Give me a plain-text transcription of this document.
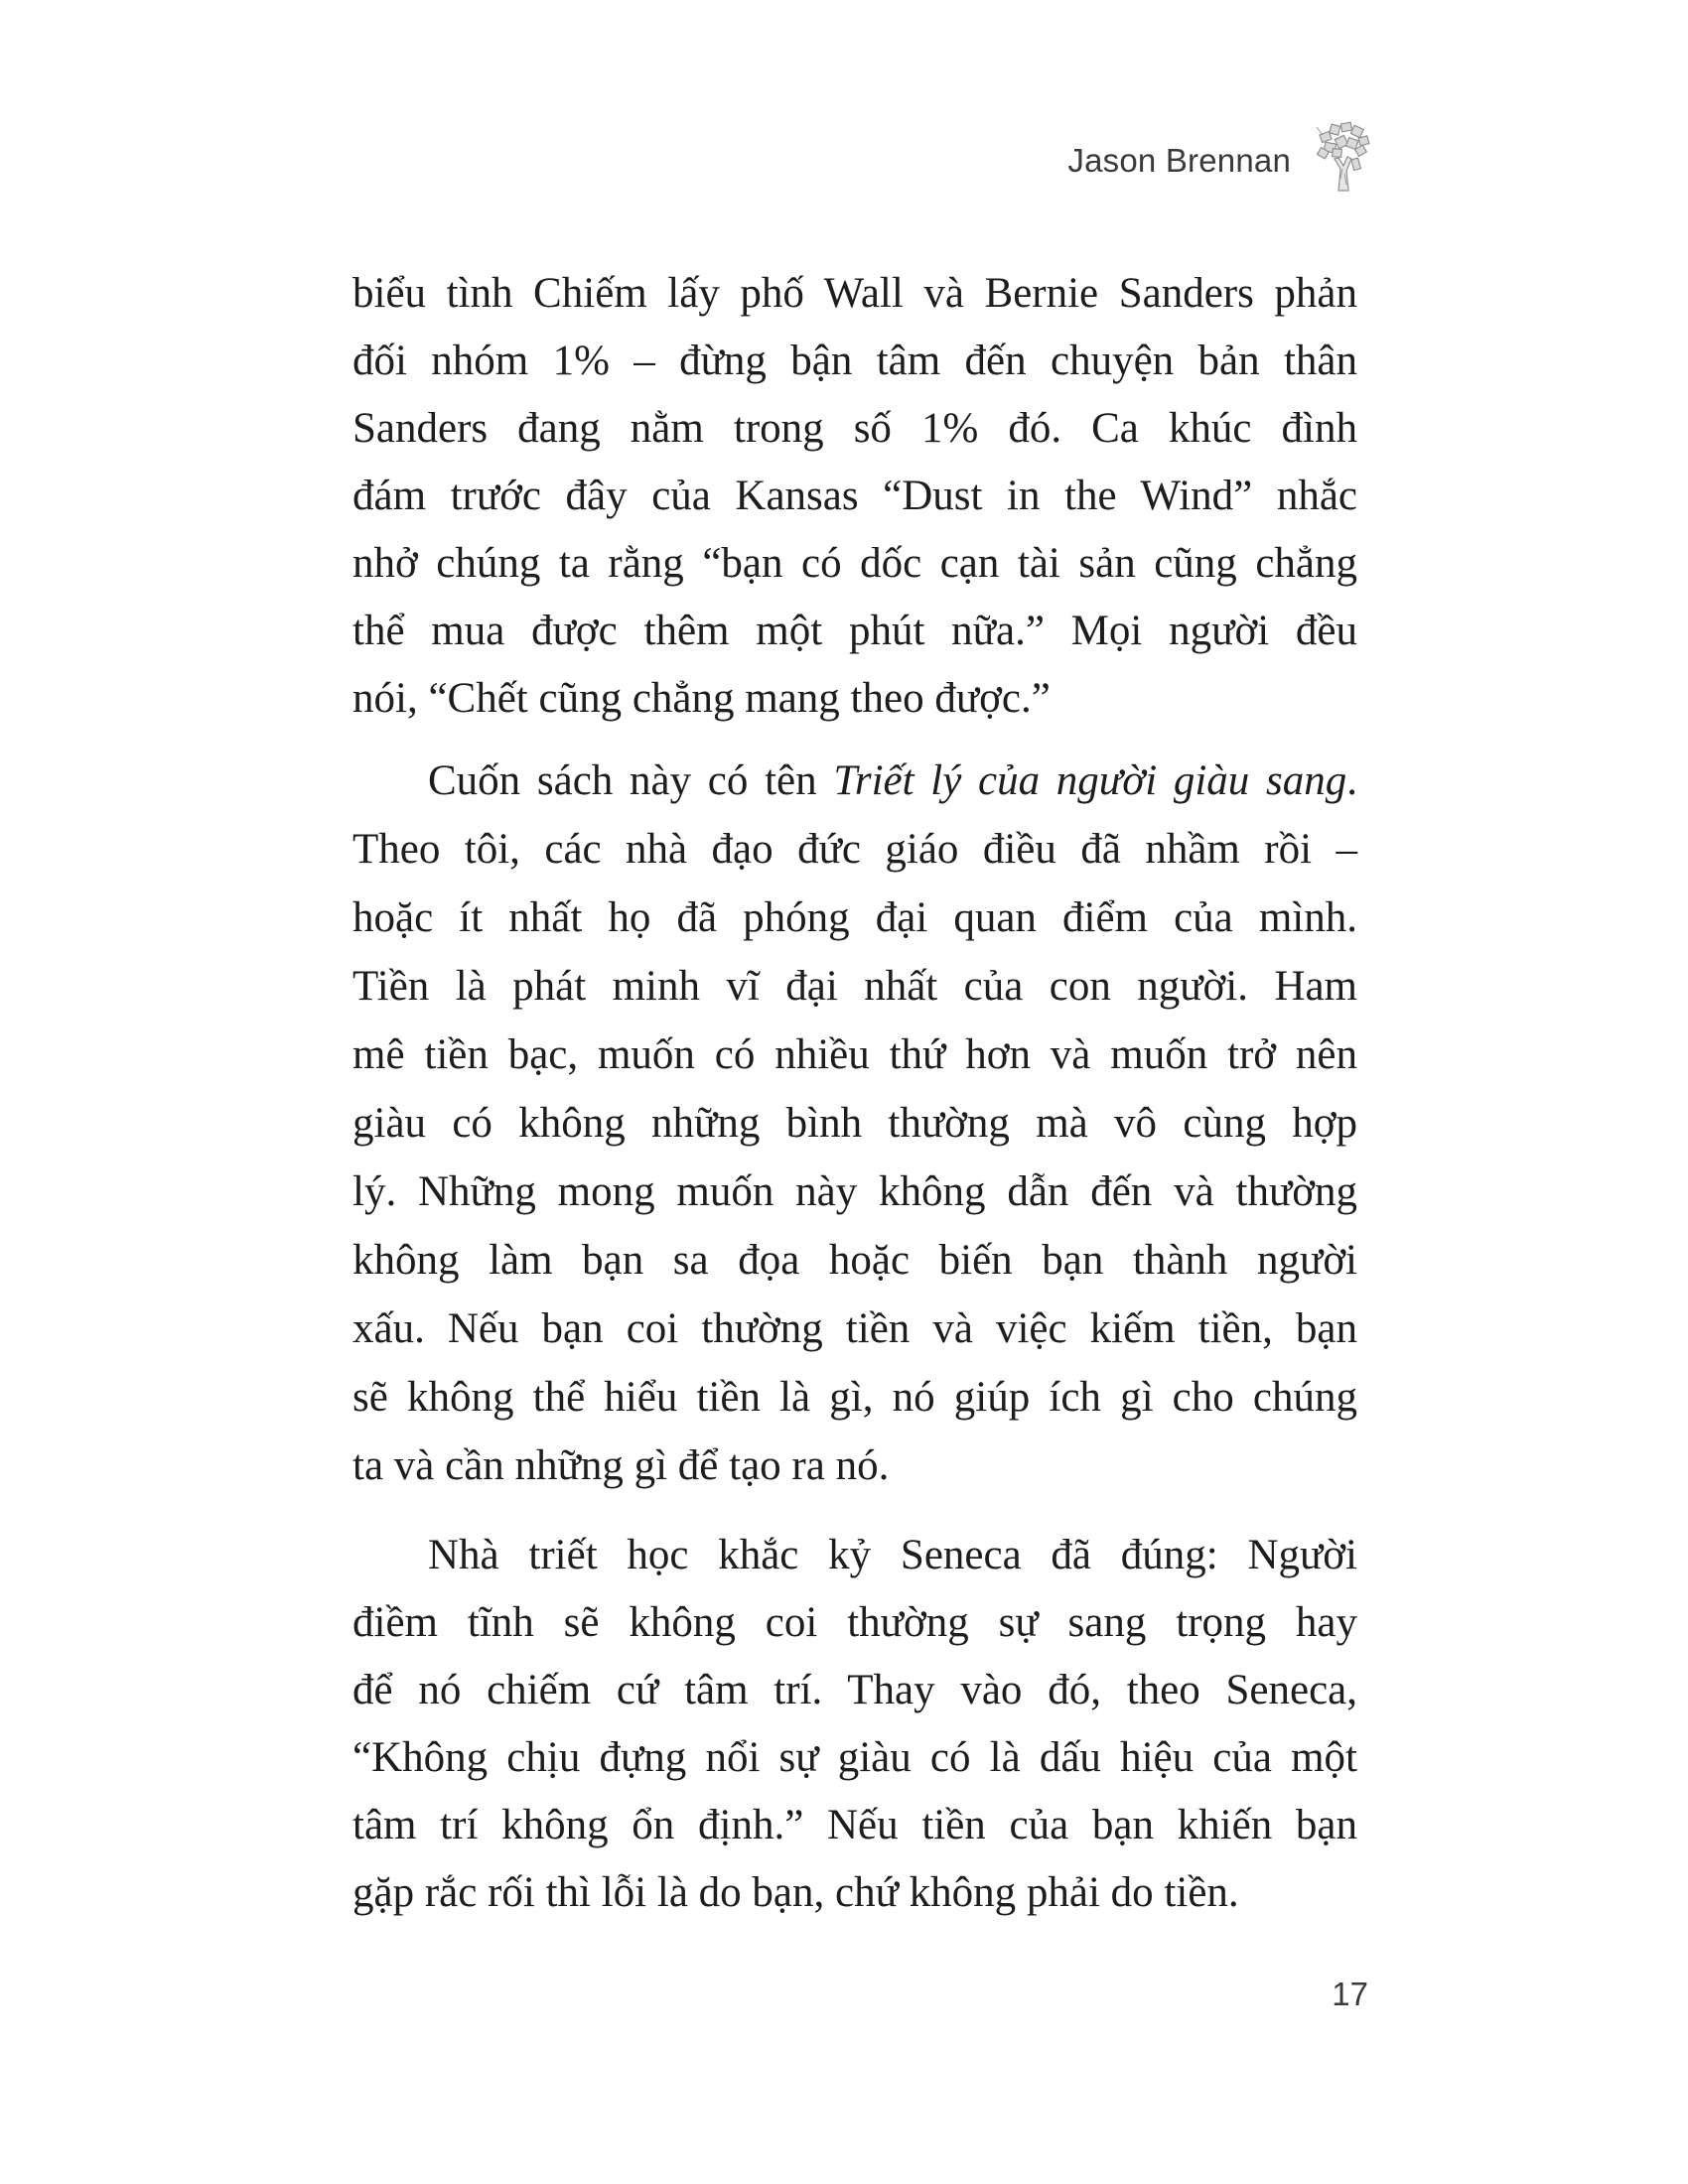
Jason Brennan
biểu tình Chiếm lấy phố Wall và Bernie Sanders phản
đối nhóm 1% – đừng bận tâm đến chuyện bản thân
Sanders đang nằm trong số 1% đó. Ca khúc đình
đám trước đây của Kansas “Dust in the Wind” nhắc
nhở chúng ta rằng “bạn có dốc cạn tài sản cũng chẳng
thể mua được thêm một phút nữa.” Mọi người đều
nói, “Chết cũng chẳng mang theo được.”
Cuốn sách này có tên Triết lý của người giàu sang.
Theo tôi, các nhà đạo đức giáo điều đã nhầm rồi –
hoặc ít nhất họ đã phóng đại quan điểm của mình.
Tiền là phát minh vĩ đại nhất của con người. Ham
mê tiền bạc, muốn có nhiều thứ hơn và muốn trở nên
giàu có không những bình thường mà vô cùng hợp
lý. Những mong muốn này không dẫn đến và thường
không làm bạn sa đọa hoặc biến bạn thành người
xấu. Nếu bạn coi thường tiền và việc kiếm tiền, bạn
sẽ không thể hiểu tiền là gì, nó giúp ích gì cho chúng
ta và cần những gì để tạo ra nó.
Nhà triết học khắc kỷ Seneca đã đúng: Người
điềm tĩnh sẽ không coi thường sự sang trọng hay
để nó chiếm cứ tâm trí. Thay vào đó, theo Seneca,
“Không chịu đựng nổi sự giàu có là dấu hiệu của một
tâm trí không ổn định.” Nếu tiền của bạn khiến bạn
gặp rắc rối thì lỗi là do bạn, chứ không phải do tiền.
17
